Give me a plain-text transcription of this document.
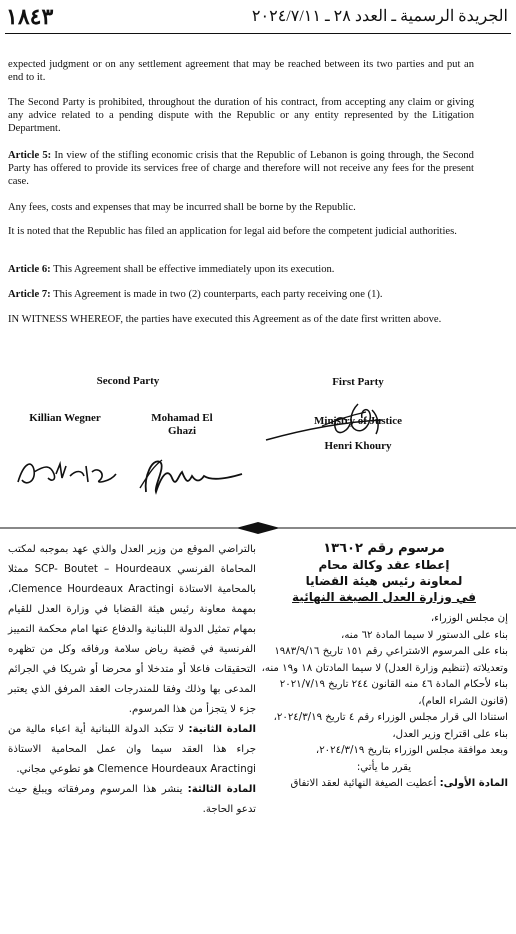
١٨٤٣	الجريدة الرسمية ـ العدد ٢٨ ـ ٢٠٢٤/٧/١١
expected judgment or on any settlement agreement that may be reached between its two parties and put an end to it.
The Second Party is prohibited, throughout the duration of his contract, from accepting any claim or giving any advice related to a pending dispute with the Republic or any entity represented by the Litigation Department.
Article 5: In view of the stifling economic crisis that the Republic of Lebanon is going through, the Second Party has offered to provide its services free of charge and therefore will not receive any fees for the present case.
Any fees, costs and expenses that may be incurred shall be borne by the Republic.
It is noted that the Republic has filed an application for legal aid before the competent judicial authorities.
Article 6: This Agreement shall be effective immediately upon its execution.
Article 7: This Agreement is made in two (2) counterparts, each party receiving one (1).
IN WITNESS WHEREOF, the parties have executed this Agreement as of the date first written above.
Second Party	First Party
Killian Wegner	Mohamad El Ghazi
Ministry of Justice
Henri Khoury
مرسوم رقم ١٣٦٠٢
إعطاء عقد وكالة محام
لمعاونة رئيس هيئة القضايا
في وزارة العدل الصيغة النهائية

إن مجلس الوزراء،

بناء على الدستور لا سيما المادة ٦٢ منه،

بناء على المرسوم الاشتراعي رقم ١٥١ تاريخ ١٩٨٣/٩/١٦ وتعديلاته (تنظيم وزارة العدل) لا سيما المادتان ١٨ و١٩ منه،

بناء لأحكام المادة ٤٦ منه القانون ٢٤٤ تاريخ ٢٠٢١/٧/١٩ (قانون الشراء العام)،

استنادا الى قرار مجلس الوزراء رقم ٤ تاريخ ٢٠٢٤/٣/١٩،

بناء على اقتراح وزير العدل،

وبعد موافقة مجلس الوزراء بتاريخ ٢٠٢٤/٣/١٩،

يقرر ما يأتي:

المادة الأولى: أعطيت الصيغة النهائية لعقد الاتفاق

بالتراضي الموقع من وزير العدل والذي عهد بموجبه لمكتب المحاماة الفرنسي SCP- Boutet – Hourdeaux ممثلا بالمحامية الاستاذة Clemence Hourdeaux Aractingi، بمهمة معاونة رئيس هيئة القضايا في وزارة العدل للقيام بمهام تمثيل الدولة اللبنانية والدفاع عنها امام محكمة التمييز الفرنسية في قضية رياض سلامة ورفاقه وكل من تظهره التحقيقات فاعلا أو متدخلا أو محرضا أو شريكا في الجرائم المدعى بها وذلك وفقا للمندرجات العقد المرفق الذي يعتبر جزء لا يتجزأ من هذا المرسوم.

المادة الثانية: لا تتكبد الدولة اللبنانية أية اعباء مالية من جراء هذا العقد سيما وان عمل المحامية الاستاذة Clemence Hourdeaux Aractingi هو تطوعي مجاني.

المادة الثالثة: ينشر هذا المرسوم ومرفقاته ويبلغ حيث تدعو الحاجة.
